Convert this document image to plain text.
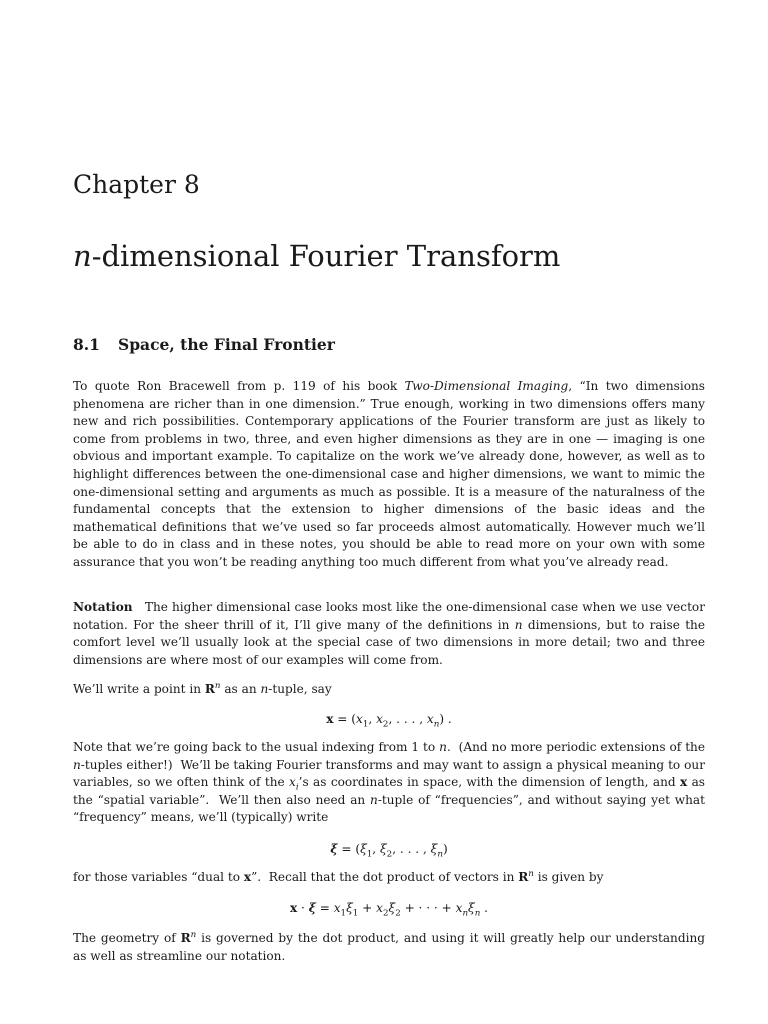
Chapter 8
n-dimensional Fourier Transform
8.1 Space, the Final Frontier

To quote Ron Bracewell from p. 119 of his book Two-Dimensional Imaging, “In two dimensions phenomena are richer than in one dimension.” True enough, working in two dimensions offers many new and rich possibilities. Contemporary applications of the Fourier transform are just as likely to come from problems in two, three, and even higher dimensions as they are in one — imaging is one obvious and important example. To capitalize on the work we’ve already done, however, as well as to highlight differences between the one-dimensional case and higher dimensions, we want to mimic the one-dimensional setting and arguments as much as possible. It is a measure of the naturalness of the fundamental concepts that the extension to higher dimensions of the basic ideas and the mathematical definitions that we’ve used so far proceeds almost automatically. However much we’ll be able to do in class and in these notes, you should be able to read more on your own with some assurance that you won’t be reading anything too much different from what you’ve already read.

Notation   The higher dimensional case looks most like the one-dimensional case when we use vector notation. For the sheer thrill of it, I’ll give many of the definitions in n dimensions, but to raise the comfort level we’ll usually look at the special case of two dimensions in more detail; two and three dimensions are where most of our examples will come from.

We’ll write a point in $R^n$ as an n-tuple, say

$x = (x_1$, $x_2$, . . . , $x_n$) .

Note that we’re going back to the usual indexing from 1 to n.  (And no more periodic extensions of the n-tuples either!)  We’ll be taking Fourier transforms and may want to assign a physical meaning to our variables, so we often think of the $x_i’s$ as coordinates in space, with the dimension of length, and x as the “spatial variable”.  We’ll then also need an n-tuple of “frequencies”, and without saying yet what “frequency” means, we’ll (typically) write

$\xi = (\xi_1$, $\xi_2$, . . . , $\xi_n$)

for those variables “dual to x”.  Recall that the dot product of vectors in $R^n$ is given by

$x \cdot \xi = x_1\xi_1 + x_2\xi_2$ + · · · + $x_n\xi_n$ .

The geometry of $R^n$ is governed by the dot product, and using it will greatly help our understanding as well as streamline our notation.
